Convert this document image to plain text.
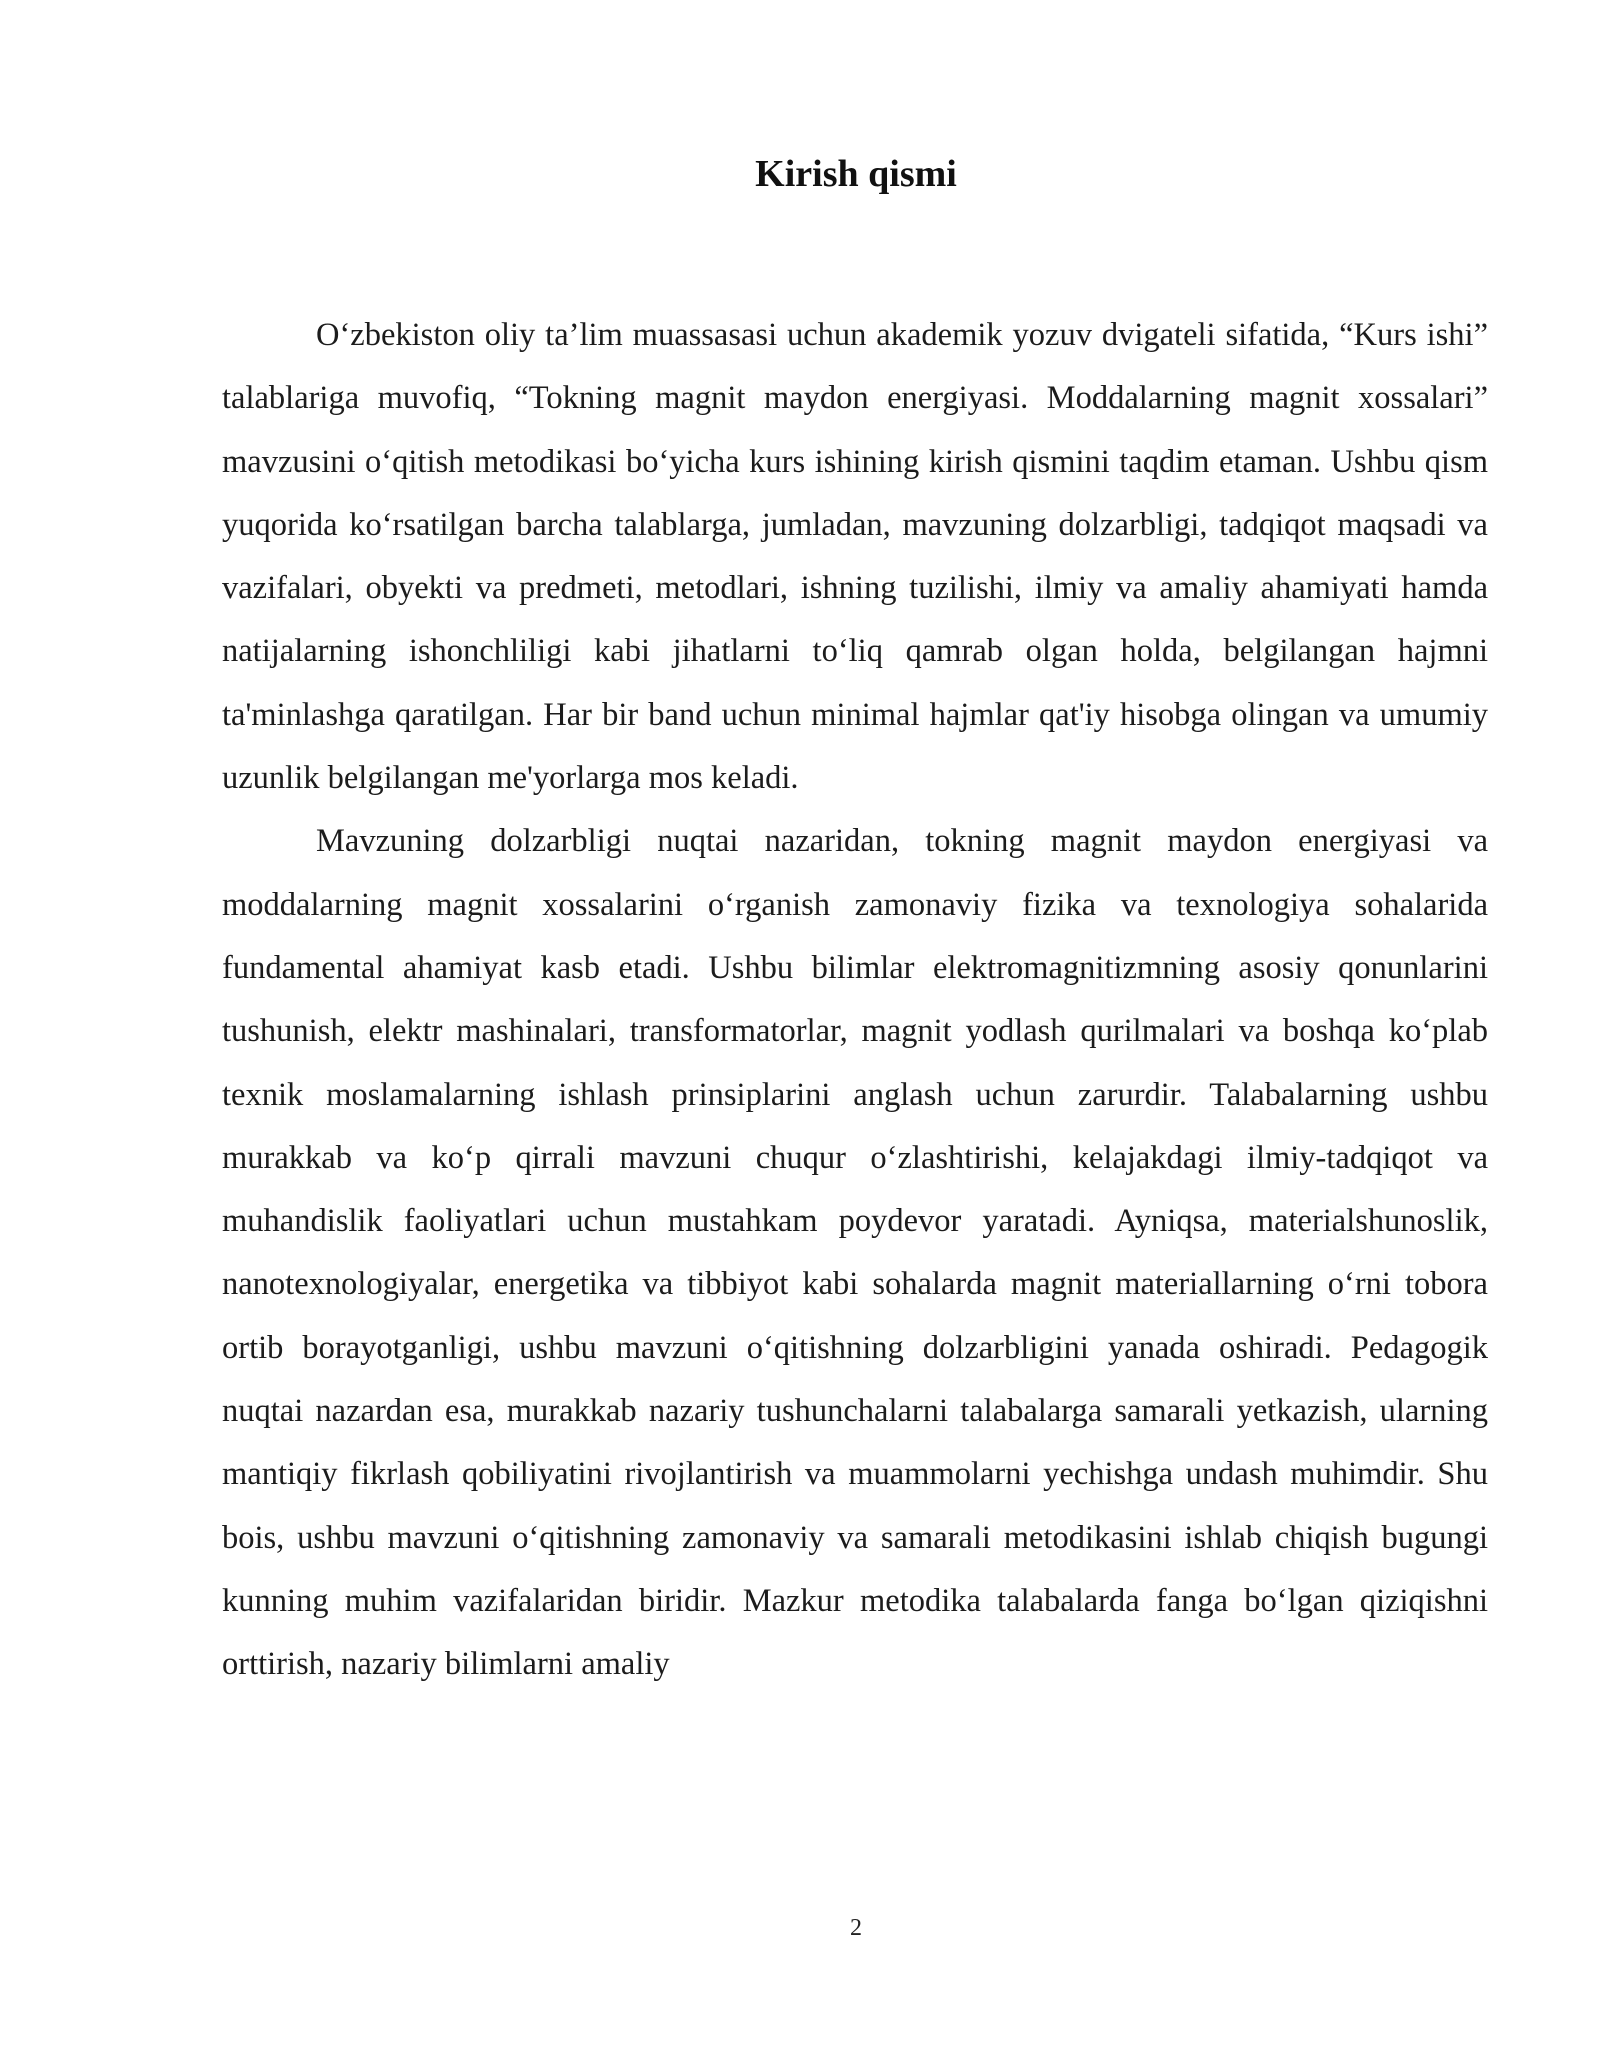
Kirish qismi

O‘zbekiston oliy ta’lim muassasasi uchun akademik yozuv dvigateli sifatida, “Kurs ishi” talablariga muvofiq, “Tokning magnit maydon energiyasi. Moddalarning magnit xossalari” mavzusini o‘qitish metodikasi bo‘yicha kurs ishining kirish qismini taqdim etaman. Ushbu qism yuqorida ko‘rsatilgan barcha talablarga, jumladan, mavzuning dolzarbligi, tadqiqot maqsadi va vazifalari, obyekti va predmeti, metodlari, ishning tuzilishi, ilmiy va amaliy ahamiyati hamda natijalarning ishonchliligi kabi jihatlarni to‘liq qamrab olgan holda, belgilangan hajmni ta'minlashga qaratilgan. Har bir band uchun minimal hajmlar qat'iy hisobga olingan va umumiy uzunlik belgilangan me'yorlarga mos keladi.

Mavzuning dolzarbligi nuqtai nazaridan, tokning magnit maydon energiyasi va moddalarning magnit xossalarini o‘rganish zamonaviy fizika va texnologiya sohalarida fundamental ahamiyat kasb etadi. Ushbu bilimlar elektromagnitizmning asosiy qonunlarini tushunish, elektr mashinalari, transformatorlar, magnit yodlash qurilmalari va boshqa ko‘plab texnik moslamalarning ishlash prinsiplarini anglash uchun zarurdir. Talabalarning ushbu murakkab va ko‘p qirrali mavzuni chuqur o‘zlashtirishi, kelajakdagi ilmiy-tadqiqot va muhandislik faoliyatlari uchun mustahkam poydevor yaratadi. Ayniqsa, materialshunoslik, nanotexnologiyalar, energetika va tibbiyot kabi sohalarda magnit materiallarning o‘rni tobora ortib borayotganligi, ushbu mavzuni o‘qitishning dolzarbligini yanada oshiradi. Pedagogik nuqtai nazardan esa, murakkab nazariy tushunchalarni talabalarga samarali yetkazish, ularning mantiqiy fikrlash qobiliyatini rivojlantirish va muammolarni yechishga undash muhimdir. Shu bois, ushbu mavzuni o‘qitishning zamonaviy va samarali metodikasini ishlab chiqish bugungi kunning muhim vazifalaridan biridir. Mazkur metodika talabalarda fanga bo‘lgan qiziqishni orttirish, nazariy bilimlarni amaliy

2
